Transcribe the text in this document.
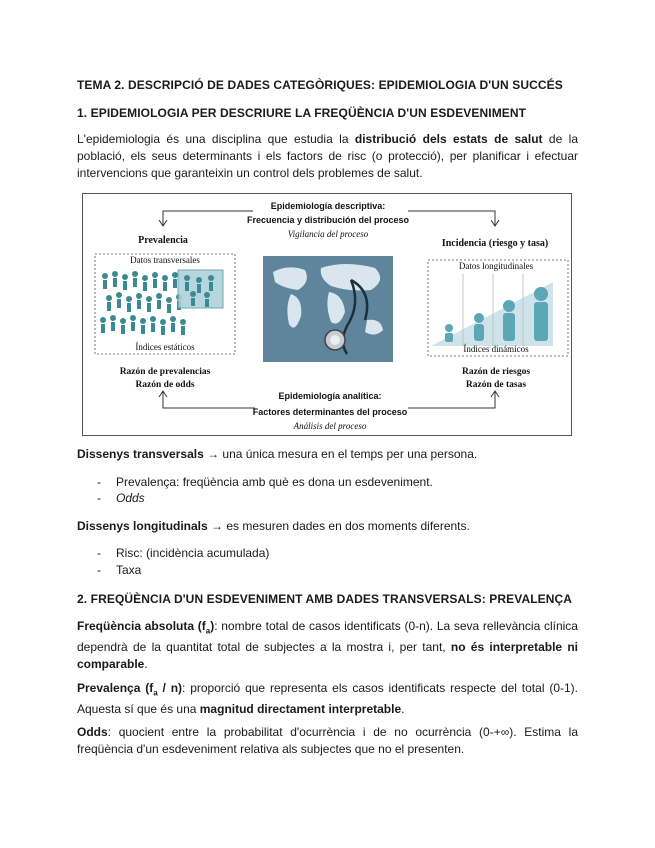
TEMA 2. DESCRIPCIÓ DE DADES CATEGÒRIQUES: EPIDEMIOLOGIA D'UN SUCCÉS
1. EPIDEMIOLOGIA PER DESCRIURE LA FREQÜÈNCIA D'UN ESDEVENIMENT
L'epidemiologia és una disciplina que estudia la distribució dels estats de salut de la població, els seus determinants i els factors de risc (o protecció), per planificar i efectuar intervencions que garanteixin un control dels problemes de salut.
Epidemiología descriptiva:
Frecuencia y distribución del proceso
Vigilancia del proceso
Prevalencia	Incidencia (riesgo y tasa)
Datos transversales
Índices estáticos
Datos longitudinales
Índices dinámicos
Razón de prevalencias
Razón de odds
Razón de riesgos
Razón de tasas
Epidemiología analítica:
Factores determinantes del proceso
Análisis del proceso
Dissenys transversals → una única mesura en el temps per una persona.
- Prevalença: freqüència amb què es dona un esdeveniment.
- Odds
Dissenys longitudinals → es mesuren dades en dos moments diferents.
- Risc: (incidència acumulada)
- Taxa
2. FREQÜÈNCIA D'UN ESDEVENIMENT AMB DADES TRANSVERSALS: PREVALENÇA
Freqüència absoluta $(f_a)$: nombre total de casos identificats (0-n). La seva rellevància clínica dependrà de la quantitat total de subjectes a la mostra i, per tant, no és interpretable ni comparable.
Prevalença $(f_a / n)$: proporció que representa els casos identificats respecte del total (0-1). Aquesta sí que és una magnitud directament interpretable.
Odds: quocient entre la probabilitat d'ocurrència i de no ocurrència (0-+∞). Estima la freqüència d'un esdeveniment relativa als subjectes que no el presenten.
